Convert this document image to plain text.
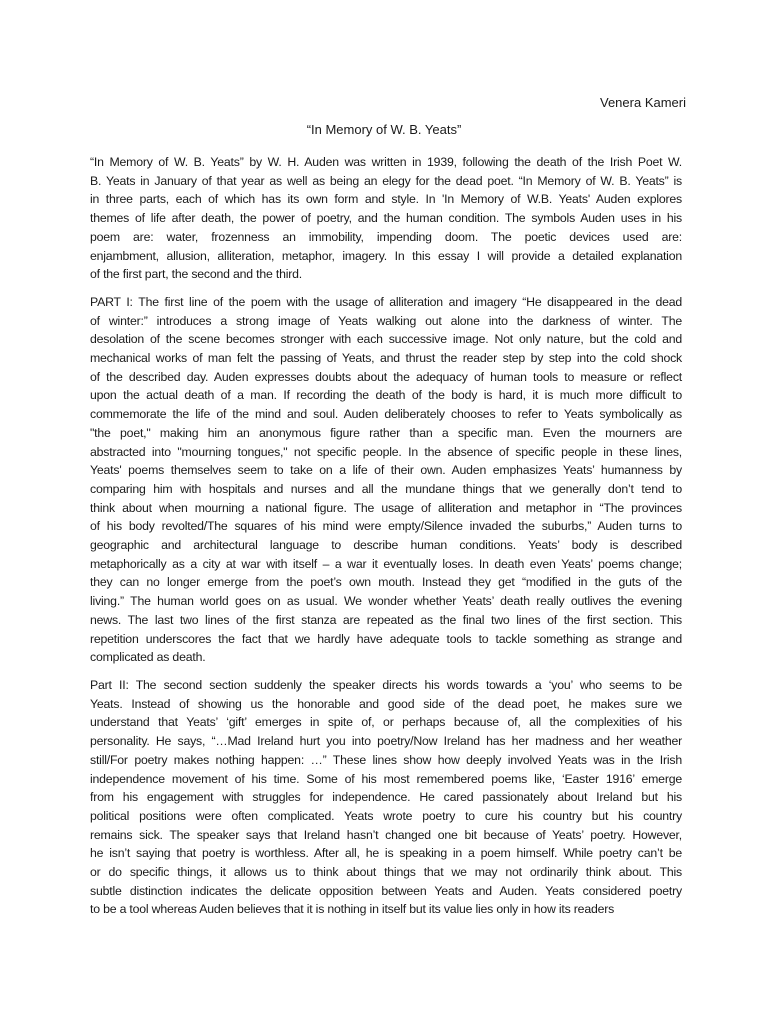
Venera Kameri
“In Memory of W. B. Yeats”
“In Memory of W. B. Yeats” by W. H. Auden was written in 1939, following the death of the Irish Poet W.
B. Yeats in January of that year as well as being an elegy for the dead poet. “In Memory of W. B. Yeats” is
in three parts, each of which has its own form and style. In 'In Memory of W.B. Yeats' Auden explores
themes of life after death, the power of poetry, and the human condition. The symbols Auden uses in his
poem are: water, frozenness an immobility, impending doom. The poetic devices used are:
enjambment, allusion, alliteration, metaphor, imagery. In this essay I will provide a detailed explanation
of the first part, the second and the third.
PART I: The first line of the poem with the usage of alliteration and imagery “He disappeared in the dead
of winter:” introduces a strong image of Yeats walking out alone into the darkness of winter. The
desolation of the scene becomes stronger with each successive image. Not only nature, but the cold and
mechanical works of man felt the passing of Yeats, and thrust the reader step by step into the cold shock
of the described day. Auden expresses doubts about the adequacy of human tools to measure or reflect
upon the actual death of a man. If recording the death of the body is hard, it is much more difficult to
commemorate the life of the mind and soul. Auden deliberately chooses to refer to Yeats symbolically as
"the poet," making him an anonymous figure rather than a specific man. Even the mourners are
abstracted into "mourning tongues," not specific people. In the absence of specific people in these lines,
Yeats' poems themselves seem to take on a life of their own. Auden emphasizes Yeats’ humanness by
comparing him with hospitals and nurses and all the mundane things that we generally don’t tend to
think about when mourning a national figure. The usage of alliteration and metaphor in “The provinces
of his body revolted/The squares of his mind were empty/Silence invaded the suburbs,” Auden turns to
geographic and architectural language to describe human conditions. Yeats’ body is described
metaphorically as a city at war with itself – a war it eventually loses. In death even Yeats’ poems change;
they can no longer emerge from the poet’s own mouth. Instead they get “modified in the guts of the
living.” The human world goes on as usual. We wonder whether Yeats’ death really outlives the evening
news. The last two lines of the first stanza are repeated as the final two lines of the first section. This
repetition underscores the fact that we hardly have adequate tools to tackle something as strange and
complicated as death.
Part II: The second section suddenly the speaker directs his words towards a ‘you’ who seems to be
Yeats. Instead of showing us the honorable and good side of the dead poet, he makes sure we
understand that Yeats’ ‘gift’ emerges in spite of, or perhaps because of, all the complexities of his
personality. He says, “…Mad Ireland hurt you into poetry/Now Ireland has her madness and her weather
still/For poetry makes nothing happen: …” These lines show how deeply involved Yeats was in the Irish
independence movement of his time. Some of his most remembered poems like, ‘Easter 1916’ emerge
from his engagement with struggles for independence. He cared passionately about Ireland but his
political positions were often complicated. Yeats wrote poetry to cure his country but his country
remains sick. The speaker says that Ireland hasn’t changed one bit because of Yeats’ poetry. However,
he isn’t saying that poetry is worthless. After all, he is speaking in a poem himself. While poetry can’t be
or do specific things, it allows us to think about things that we may not ordinarily think about. This
subtle distinction indicates the delicate opposition between Yeats and Auden. Yeats considered poetry
to be a tool whereas Auden believes that it is nothing in itself but its value lies only in how its readers
